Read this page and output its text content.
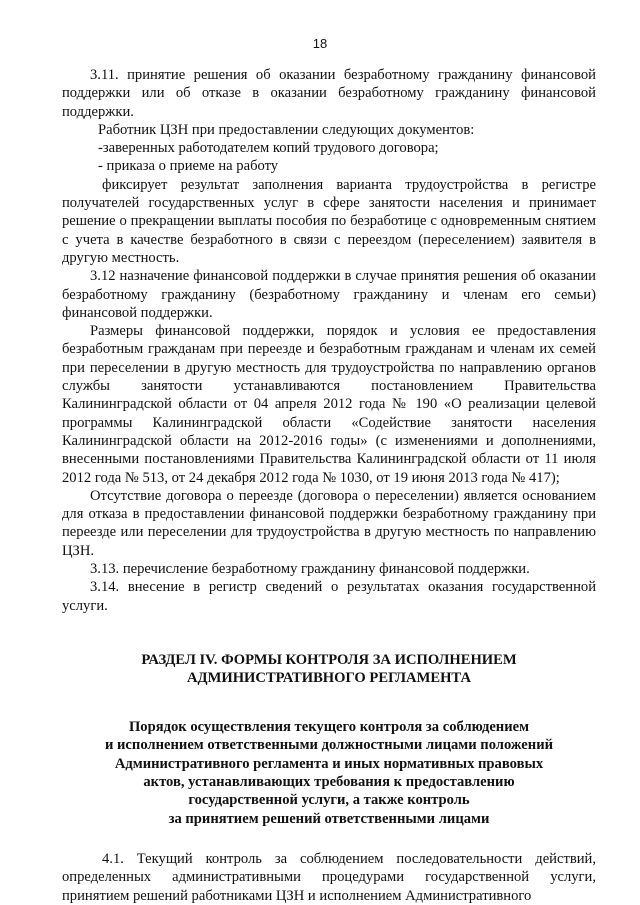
18

3.11. принятие решения об оказании безработному гражданину финансовой поддержки или об отказе в оказании безработному гражданину финансовой поддержки.

Работник ЦЗН при предоставлении следующих документов:

-заверенных работодателем копий трудового договора;

- приказа о приеме на работу

фиксирует результат заполнения варианта трудоустройства в регистре получателей государственных услуг в сфере занятости населения и принимает решение о прекращении выплаты пособия по безработице с одновременным снятием с учета в качестве безработного в связи с переездом (переселением) заявителя в другую местность.

3.12 назначение финансовой поддержки в случае принятия решения об оказании безработному гражданину (безработному гражданину и членам его семьи) финансовой поддержки.

Размеры финансовой поддержки, порядок и условия ее предоставления безработным гражданам при переезде и безработным гражданам и членам их семей при переселении в другую местность для трудоустройства по направлению органов службы занятости устанавливаются постановлением Правительства Калининградской области от 04 апреля 2012 года № 190 «О реализации целевой программы Калининградской области «Содействие занятости населения Калининградской области на 2012-2016 годы» (с изменениями и дополнениями, внесенными постановлениями Правительства Калининградской области от 11 июля 2012 года № 513, от 24 декабря 2012 года № 1030, от 19 июня 2013 года № 417);

Отсутствие договора о переезде (договора о переселении) является основанием для отказа в предоставлении финансовой поддержки безработному гражданину при переезде или переселении для трудоустройства в другую местность по направлению ЦЗН.

3.13. перечисление безработному гражданину финансовой поддержки.

3.14. внесение в регистр сведений о результатах оказания государственной услуги.

РАЗДЕЛ IV. ФОРМЫ КОНТРОЛЯ ЗА ИСПОЛНЕНИЕМ
АДМИНИСТРАТИВНОГО РЕГЛАМЕНТА
Порядок осуществления текущего контроля за соблюдением
и исполнением ответственными должностными лицами положений
Административного регламента и иных нормативных правовых
актов, устанавливающих требования к предоставлению
государственной услуги, а также контроль
за принятием решений ответственными лицами

4.1. Текущий контроль за соблюдением последовательности действий, определенных административными процедурами государственной услуги, принятием решений работниками ЦЗН и исполнением Административного
